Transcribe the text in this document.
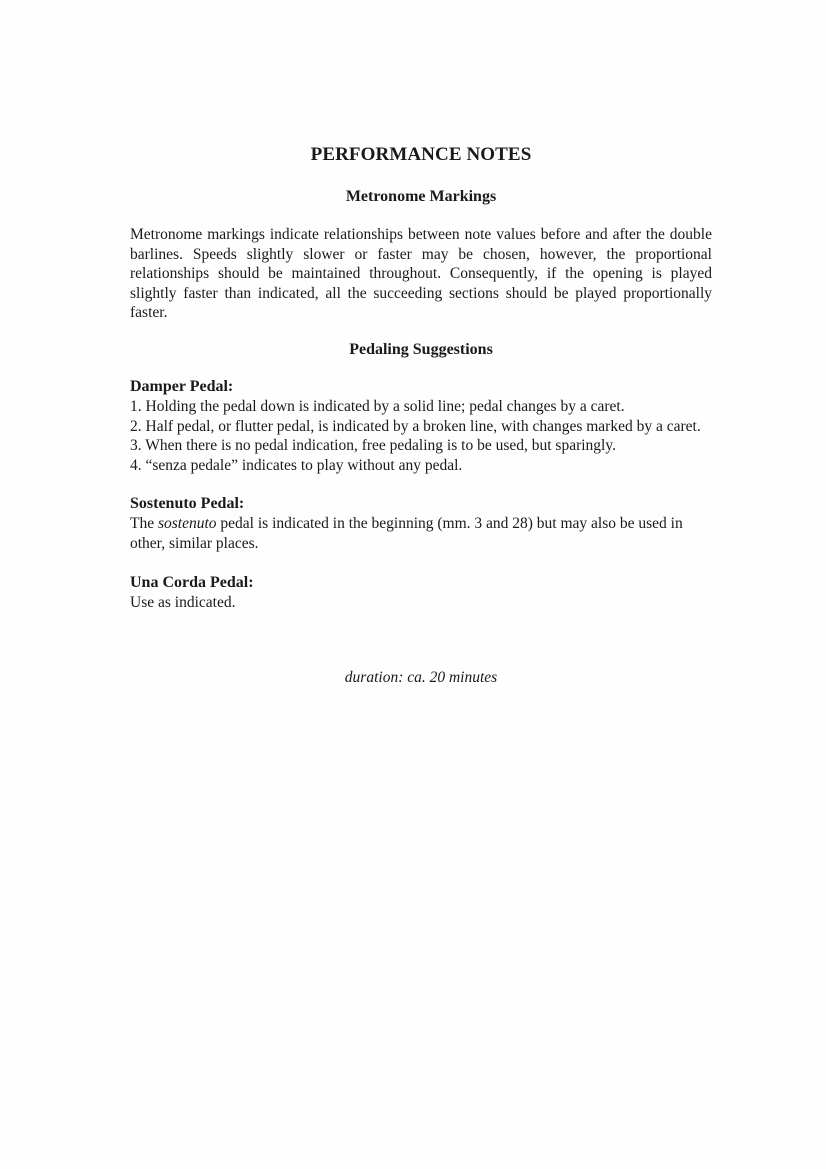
PERFORMANCE NOTES
Metronome Markings

Metronome markings indicate relationships between note values before and after the double barlines. Speeds slightly slower or faster may be chosen, however, the proportional relationships should be maintained throughout. Consequently, if the opening is played slightly faster than indicated, all the succeeding sections should be played proportionally faster.

Pedaling Suggestions

Damper Pedal:

1. Holding the pedal down is indicated by a solid line; pedal changes by a caret.

2. Half pedal, or flutter pedal, is indicated by a broken line, with changes marked by a caret.

3. When there is no pedal indication, free pedaling is to be used, but sparingly.

4. “senza pedale” indicates to play without any pedal.

Sostenuto Pedal:

The sostenuto pedal is indicated in the beginning (mm. 3 and 28) but may also be used in other, similar places.

Una Corda Pedal:

Use as indicated.

duration: ca. 20 minutes
